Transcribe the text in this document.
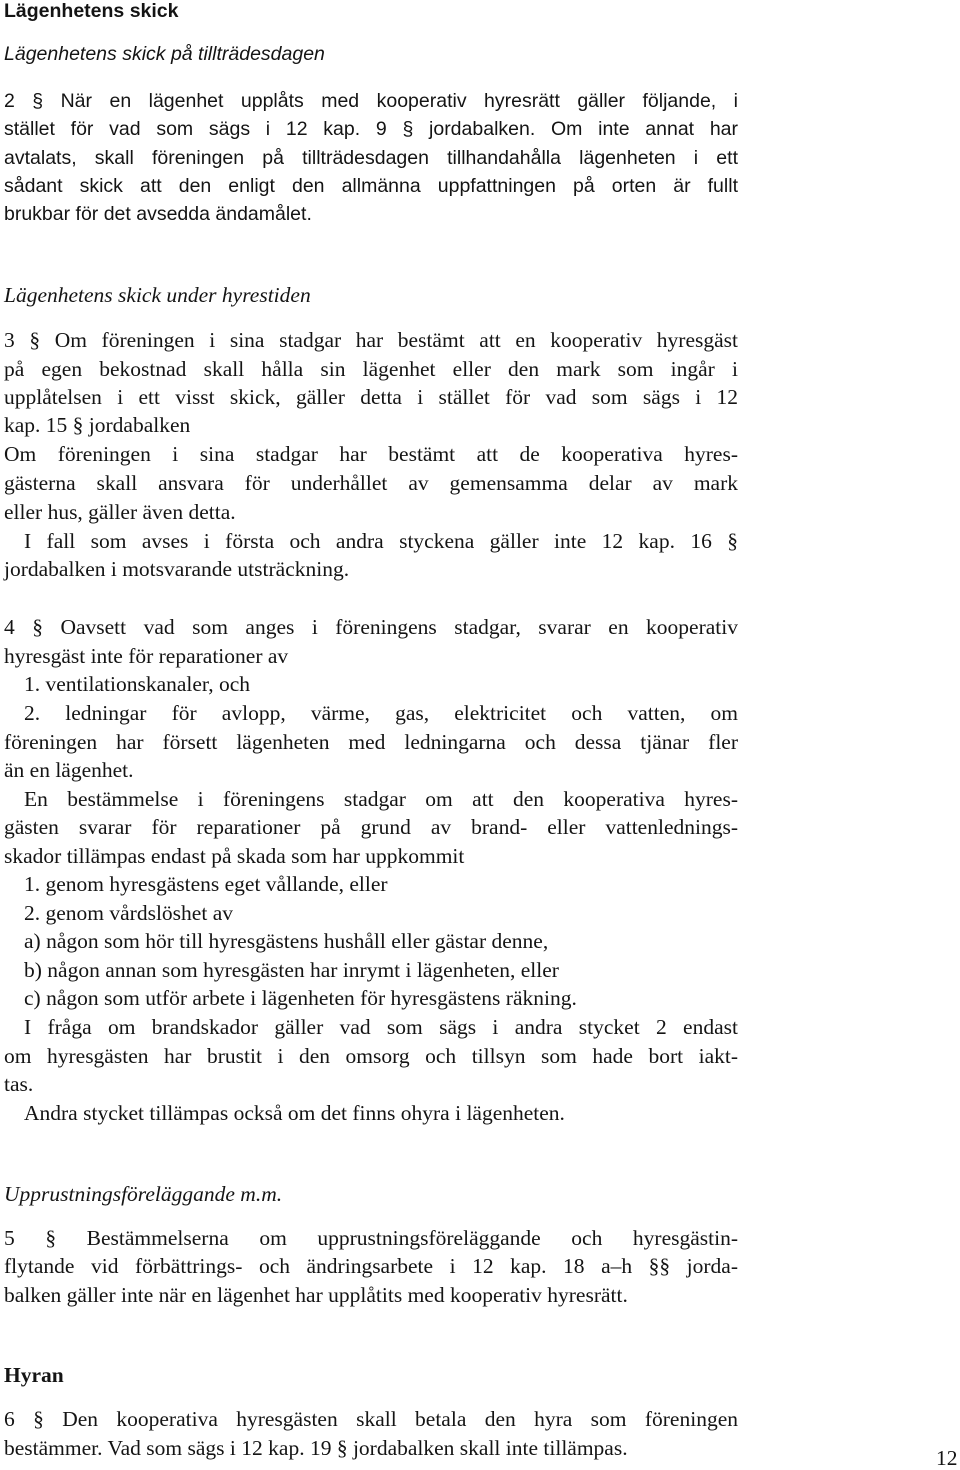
Lägenhetens skick
Lägenhetens skick på tillträdesdagen
2 § När en lägenhet upplåts med kooperativ hyresrätt gäller följande, i
stället för vad som sägs i 12 kap. 9 § jordabalken. Om inte annat har
avtalats, skall föreningen på tillträdesdagen tillhandahålla lägenheten i ett
sådant skick att den enligt den allmänna uppfattningen på orten är fullt
brukbar för det avsedda ändamålet.
Lägenhetens skick under hyrestiden
3 § Om föreningen i sina stadgar har bestämt att en kooperativ hyresgäst
på egen bekostnad skall hålla sin lägenhet eller den mark som ingår i
upplåtelsen i ett visst skick, gäller detta i stället för vad som sägs i 12
kap. 15 § jordabalken
Om föreningen i sina stadgar har bestämt att de kooperativa hyres-
gästerna skall ansvara för underhållet av gemensamma delar av mark
eller hus, gäller även detta.
I fall som avses i första och andra styckena gäller inte 12 kap. 16 §
jordabalken i motsvarande utsträckning.
4 § Oavsett vad som anges i föreningens stadgar, svarar en kooperativ
hyresgäst inte för reparationer av
1. ventilationskanaler, och
2. ledningar för avlopp, värme, gas, elektricitet och vatten, om
föreningen har försett lägenheten med ledningarna och dessa tjänar fler
än en lägenhet.
En bestämmelse i föreningens stadgar om att den kooperativa hyres-
gästen svarar för reparationer på grund av brand- eller vattenlednings-
skador tillämpas endast på skada som har uppkommit
1. genom hyresgästens eget vållande, eller
2. genom vårdslöshet av
a) någon som hör till hyresgästens hushåll eller gästar denne,
b) någon annan som hyresgästen har inrymt i lägenheten, eller
c) någon som utför arbete i lägenheten för hyresgästens räkning.
I fråga om brandskador gäller vad som sägs i andra stycket 2 endast
om hyresgästen har brustit i den omsorg och tillsyn som hade bort iakt-
tas.
Andra stycket tillämpas också om det finns ohyra i lägenheten.
Upprustningsföreläggande m.m.
5 § Bestämmelserna om upprustningsföreläggande och hyresgästin-
flytande vid förbättrings- och ändringsarbete i 12 kap. 18 a–h §§ jorda-
balken gäller inte när en lägenhet har upplåtits med kooperativ hyresrätt.
Hyran
6 § Den kooperativa hyresgästen skall betala den hyra som föreningen
bestämmer. Vad som sägs i 12 kap. 19 § jordabalken skall inte tillämpas.	12
